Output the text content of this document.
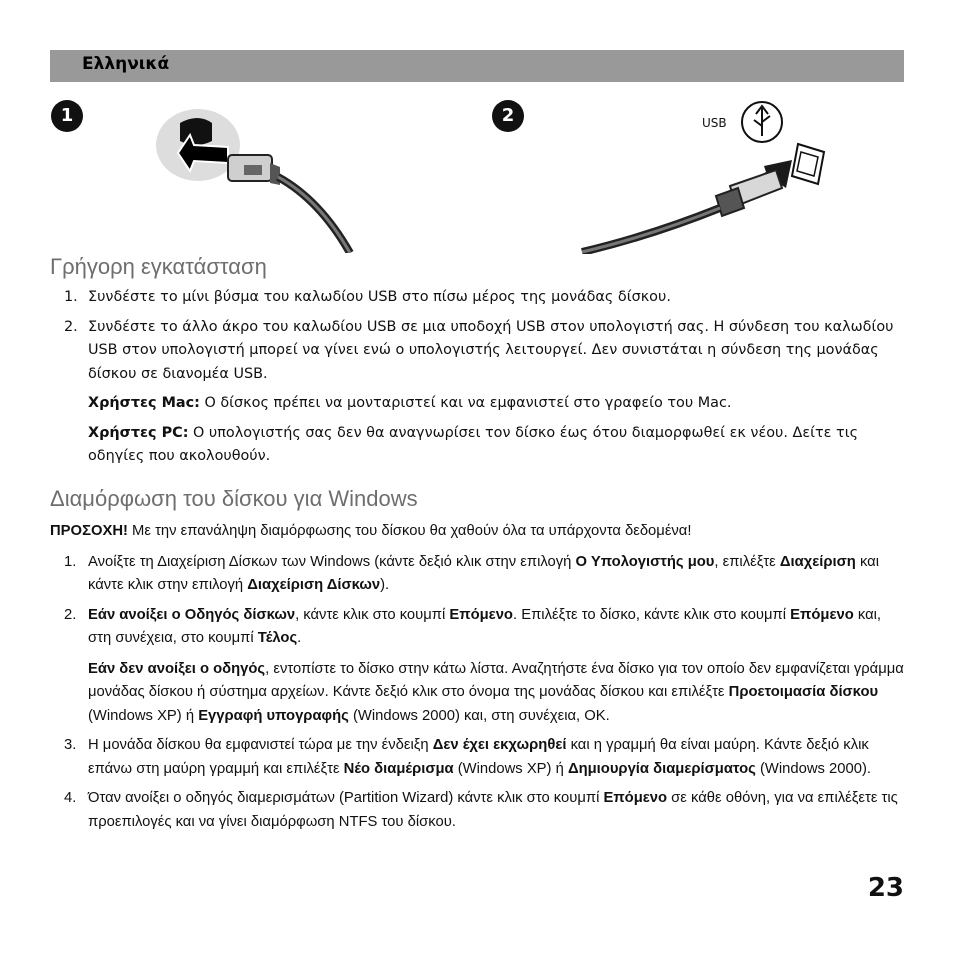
Ελληνικά
1	2	USB
Γρήγορη εγκατάσταση
1. Συνδέστε το μίνι βύσμα του καλωδίου USB στο πίσω μέρος της μονάδας δίσκου.

2. Συνδέστε το άλλο άκρο του καλωδίου USB σε μια υποδοχή USB στον υπολογιστή σας. Η σύνδεση του καλωδίου USB στον υπολογιστή μπορεί να γίνει ενώ ο υπολογιστής λειτουργεί. Δεν συνιστάται η σύνδεση της μονάδας δίσκου σε διανομέα USB.

Χρήστες Mac: Ο δίσκος πρέπει να μονταριστεί και να εμφανιστεί στο γραφείο του Mac.

Χρήστες PC: Ο υπολογιστής σας δεν θα αναγνωρίσει τον δίσκο έως ότου διαμορφωθεί εκ νέου. Δείτε τις οδηγίες που ακολουθούν.

Διαμόρφωση του δίσκου για Windows

ΠΡΟΣΟΧΗ! Με την επανάληψη διαμόρφωσης του δίσκου θα χαθούν όλα τα υπάρχοντα δεδομένα!

1. Ανοίξτε τη Διαχείριση Δίσκων των Windows (κάντε δεξιό κλικ στην επιλογή Ο Υπολογιστής μου, επιλέξτε Διαχείριση και κάντε κλικ στην επιλογή Διαχείριση Δίσκων).

2. Εάν ανοίξει ο Οδηγός δίσκων, κάντε κλικ στο κουμπί Επόμενο. Επιλέξτε το δίσκο, κάντε κλικ στο κουμπί Επόμενο και, στη συνέχεια, στο κουμπί Τέλος.

Εάν δεν ανοίξει ο οδηγός, εντοπίστε το δίσκο στην κάτω λίστα. Αναζητήστε ένα δίσκο για τον οποίο δεν εμφανίζεται γράμμα μονάδας δίσκου ή σύστημα αρχείων. Κάντε δεξιό κλικ στο όνομα της μονάδας δίσκου και επιλέξτε Προετοιμασία δίσκου (Windows XP) ή Εγγραφή υπογραφής (Windows 2000) και, στη συνέχεια, OK.

3. Η μονάδα δίσκου θα εμφανιστεί τώρα με την ένδειξη Δεν έχει εκχωρηθεί και η γραμμή θα είναι μαύρη. Κάντε δεξιό κλικ επάνω στη μαύρη γραμμή και επιλέξτε Νέο διαμέρισμα (Windows XP) ή Δημιουργία διαμερίσματος (Windows 2000).

4. Όταν ανοίξει ο οδηγός διαμερισμάτων (Partition Wizard) κάντε κλικ στο κουμπί Επόμενο σε κάθε οθόνη, για να επιλέξετε τις προεπιλογές και να γίνει διαμόρφωση NTFS του δίσκου.

23
